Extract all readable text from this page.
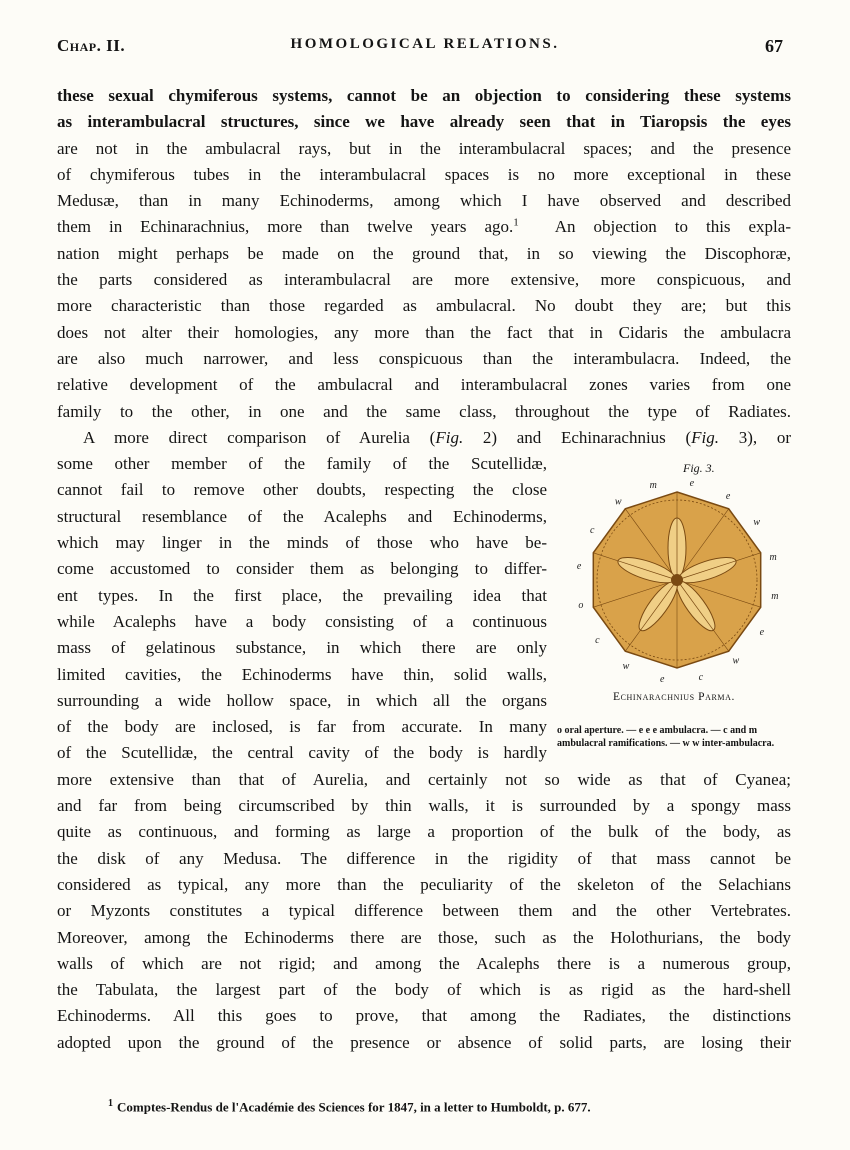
Chap. II.	HOMOLOGICAL RELATIONS.	67
these sexual chymiferous systems, cannot be an objection to considering these systems
as interambulacral structures, since we have already seen that in Tiaropsis the eyes
are not in the ambulacral rays, but in the interambulacral spaces; and the presence
of chymiferous tubes in the interambulacral spaces is no more exceptional in these
Medusæ, than in many Echinoderms, among which I have observed and described
them in Echinarachnius, more than twelve years ago.$^1$ An objection to this expla-
nation might perhaps be made on the ground that, in so viewing the Discophoræ,
the parts considered as interambulacral are more extensive, more conspicuous, and
more characteristic than those regarded as ambulacral. No doubt they are; but this
does not alter their homologies, any more than the fact that in Cidaris the ambulacra
are also much narrower, and less conspicuous than the interambulacra. Indeed, the
relative development of the ambulacral and interambulacral zones varies from one
family to the other, in one and the same class, throughout the type of Radiates.
A more direct comparison of Aurelia (Fig. 2) and Echinarachnius (Fig. 3), or
some other member of the family of the Scutellidæ,
cannot fail to remove other doubts, respecting the close
structural resemblance of the Acalephs and Echinoderms,
which may linger in the minds of those who have be-
come accustomed to consider them as belonging to differ-
ent types. In the first place, the prevailing idea that
while Acalephs have a body consisting of a continuous
mass of gelatinous substance, in which there are only
limited cavities, the Echinoderms have thin, solid walls,
surrounding a wide hollow space, in which all the organs
of the body are inclosed, is far from accurate. In many
of the Scutellidæ, the central cavity of the body is hardly
more extensive than that of Aurelia, and certainly not so wide as that of Cyanea;
and far from being circumscribed by thin walls, it is surrounded by a spongy mass
quite as continuous, and forming as large a proportion of the bulk of the body, as
the disk of any Medusa. The difference in the rigidity of that mass cannot be
considered as typical, any more than the peculiarity of the skeleton of the Selachians
or Myzonts constitutes a typical difference between them and the other Vertebrates.
Moreover, among the Echinoderms there are those, such as the Holothurians, the body
walls of which are not rigid; and among the Acalephs there is a numerous group,
the Tabulata, the largest part of the body of which is as rigid as the hard-shell
Echinoderms. All this goes to prove, that among the Radiates, the distinctions
adopted upon the ground of the presence or absence of solid parts, are losing their
Fig. 3.
e
e
w
m
m
e
w
c
e
w
c
o
e
c
w
m
Echinarachnius Parma.
o oral aperture. — e e e ambulacra. — c and m ambulacral ramifications. — w w inter-ambulacra.
$^1$ Comptes-Rendus de l'Académie des Sciences for 1847, in a letter to Humboldt, p. 677.
